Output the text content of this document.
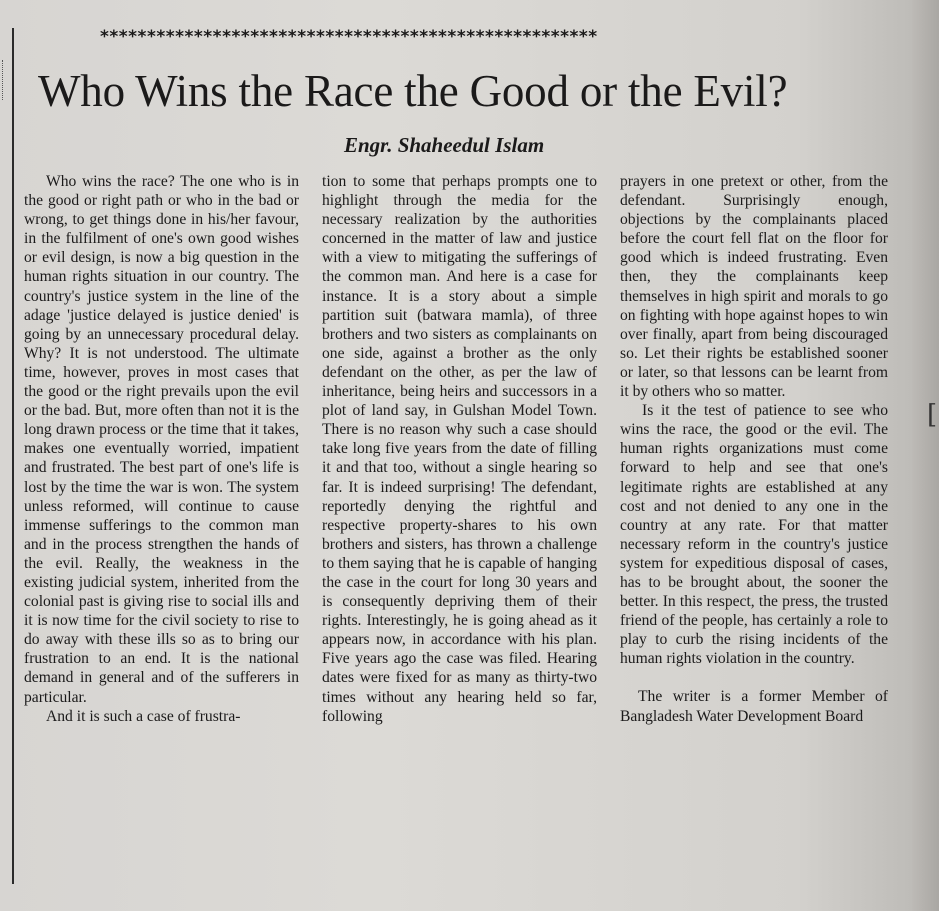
*****************************************************
Who Wins the Race the Good or the Evil?
Engr. Shaheedul Islam

Who wins the race? The one who is in the good or right path or who in the bad or wrong, to get things done in his/her favour, in the fulfilment of one's own good wishes or evil design, is now a big question in the human rights situation in our country. The country's justice system in the line of the adage 'justice delayed is justice denied' is going by an unnecessary procedural delay. Why? It is not understood. The ultimate time, however, proves in most cases that the good or the right prevails upon the evil or the bad. But, more often than not it is the long drawn process or the time that it takes, makes one eventually worried, impatient and frustrated. The best part of one's life is lost by the time the war is won. The system unless reformed, will continue to cause immense sufferings to the common man and in the process strengthen the hands of the evil. Really, the weakness in the existing judicial system, inherited from the colonial past is giving rise to social ills and it is now time for the civil society to rise to do away with these ills so as to bring our frustration to an end. It is the national demand in general and of the sufferers in particular.

And it is such a case of frustra-

tion to some that perhaps prompts one to highlight through the media for the necessary realization by the authorities concerned in the matter of law and justice with a view to mitigating the sufferings of the common man. And here is a case for instance. It is a story about a simple partition suit (batwara mamla), of three brothers and two sisters as complainants on one side, against a brother as the only defendant on the other, as per the law of inheritance, being heirs and successors in a plot of land say, in Gulshan Model Town. There is no reason why such a case should take long five years from the date of filling it and that too, without a single hearing so far. It is indeed surprising! The defendant, reportedly denying the rightful and respective property-shares to his own brothers and sisters, has thrown a challenge to them saying that he is capable of hanging the case in the court for long 30 years and is consequently depriving them of their rights. Interestingly, he is going ahead as it appears now, in accordance with his plan. Five years ago the case was filed. Hearing dates were fixed for as many as thirty-two times without any hearing held so far, following

prayers in one pretext or other, from the defendant. Surprisingly enough, objections by the complainants placed before the court fell flat on the floor for good which is indeed frustrating. Even then, they the complainants keep themselves in high spirit and morals to go on fighting with hope against hopes to win over finally, apart from being discouraged so. Let their rights be established sooner or later, so that lessons can be learnt from it by others who so matter.

Is it the test of patience to see who wins the race, the good or the evil. The human rights organizations must come forward to help and see that one's legitimate rights are established at any cost and not denied to any one in the country at any rate. For that matter necessary reform in the country's justice system for expeditious disposal of cases, has to be brought about, the sooner the better. In this respect, the press, the trusted friend of the people, has certainly a role to play to curb the rising incidents of the human rights violation in the country.

The writer is a former Member of Bangladesh Water Development Board

[
